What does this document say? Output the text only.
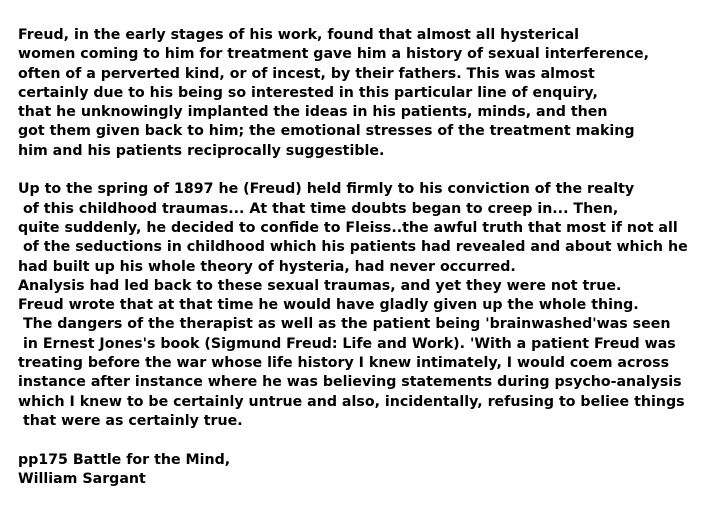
Freud, in the early stages of his work, found that almost all hysterical
women coming to him for treatment gave him a history of sexual interference,
often of a perverted kind, or of incest, by their fathers. This was almost
certainly due to his being so interested in this particular line of enquiry,
that he unknowingly implanted the ideas in his patients, minds, and then
got them given back to him; the emotional stresses of the treatment making
him and his patients reciprocally suggestible.
Up to the spring of 1897 he (Freud) held firmly to his conviction of the realty
of this childhood traumas... At that time doubts began to creep in... Then,
quite suddenly, he decided to confide to Fleiss..the awful truth that most if not all
of the seductions in childhood which his patients had revealed and about which he
had built up his whole theory of hysteria, had never occurred.
Analysis had led back to these sexual traumas, and yet they were not true.
Freud wrote that at that time he would have gladly given up the whole thing.
The dangers of the therapist as well as the patient being 'brainwashed'was seen
in Ernest Jones's book (Sigmund Freud: Life and Work). 'With a patient Freud was
treating before the war whose life history I knew intimately, I would coem across
instance after instance where he was believing statements during psycho-analysis
which I knew to be certainly untrue and also, incidentally, refusing to beliee things
that were as certainly true.
pp175 Battle for the Mind,
William Sargant
